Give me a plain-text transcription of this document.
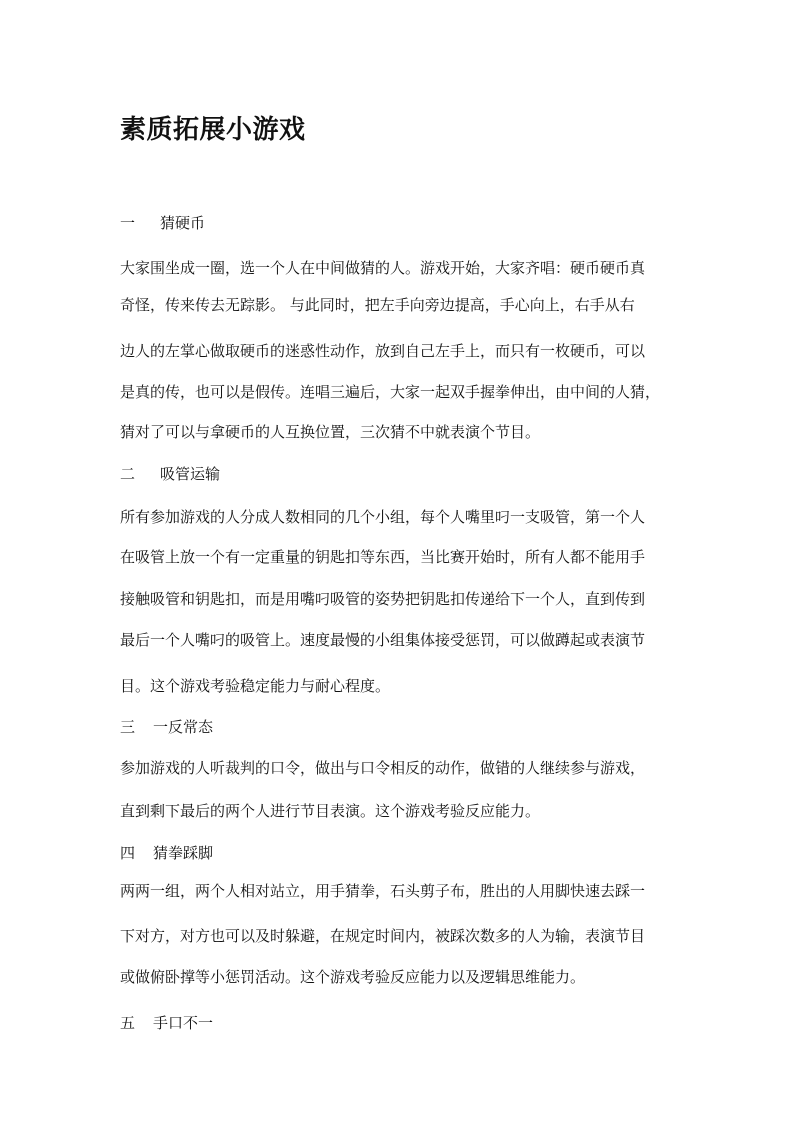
素质拓展小游戏
一 猜硬币

大家围坐成一圈，选一个人在中间做猜的人。游戏开始，大家齐唱：硬币硬币真

奇怪，传来传去无踪影。 与此同时，把左手向旁边提高，手心向上，右手从右

边人的左掌心做取硬币的迷惑性动作，放到自己左手上，而只有一枚硬币，可以

是真的传，也可以是假传。连唱三遍后，大家一起双手握拳伸出，由中间的人猜，

猜对了可以与拿硬币的人互换位置，三次猜不中就表演个节目。

二 吸管运输

所有参加游戏的人分成人数相同的几个小组，每个人嘴里叼一支吸管，第一个人

在吸管上放一个有一定重量的钥匙扣等东西，当比赛开始时，所有人都不能用手

接触吸管和钥匙扣，而是用嘴叼吸管的姿势把钥匙扣传递给下一个人，直到传到

最后一个人嘴叼的吸管上。速度最慢的小组集体接受惩罚，可以做蹲起或表演节

目。这个游戏考验稳定能力与耐心程度。

三 一反常态

参加游戏的人听裁判的口令，做出与口令相反的动作，做错的人继续参与游戏，

直到剩下最后的两个人进行节目表演。这个游戏考验反应能力。

四 猜拳踩脚

两两一组，两个人相对站立，用手猜拳，石头剪子布，胜出的人用脚快速去踩一

下对方，对方也可以及时躲避，在规定时间内，被踩次数多的人为输，表演节目

或做俯卧撑等小惩罚活动。这个游戏考验反应能力以及逻辑思维能力。

五 手口不一
